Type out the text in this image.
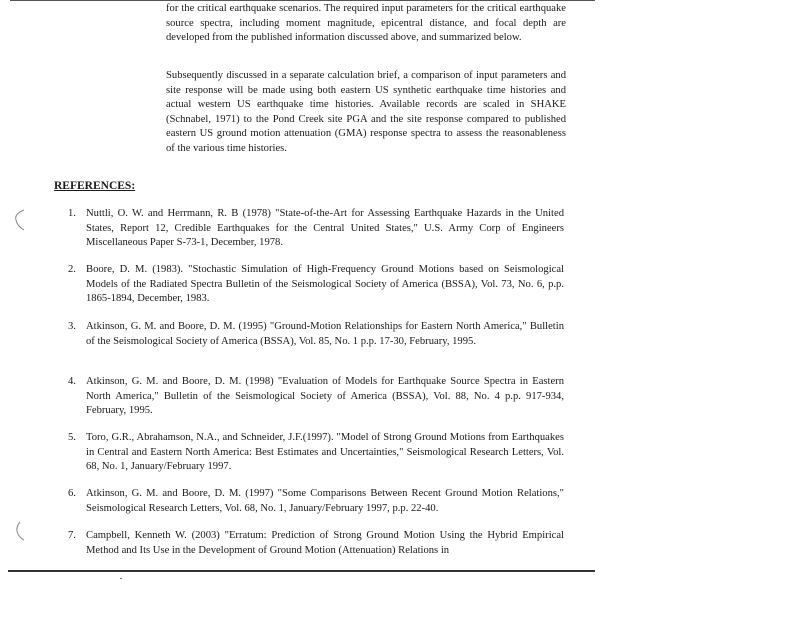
for the critical earthquake scenarios. The required input parameters for the critical earthquake source spectra, including moment magnitude, epicentral distance, and focal depth are developed from the published information discussed above, and summarized below.

Subsequently discussed in a separate calculation brief, a comparison of input parameters and site response will be made using both eastern US synthetic earthquake time histories and actual western US earthquake time histories. Available records are scaled in SHAKE (Schnabel, 1971) to the Pond Creek site PGA and the site response compared to published eastern US ground motion attenuation (GMA) response spectra to assess the reasonableness of the various time histories.

REFERENCES:
1. Nuttli, O. W. and Herrmann, R. B (1978) "State-of-the-Art for Assessing Earthquake Hazards in the United States, Report 12, Credible Earthquakes for the Central United States," U.S. Army Corp of Engineers Miscellaneous Paper S-73-1, December, 1978.
2. Boore, D. M. (1983). "Stochastic Simulation of High-Frequency Ground Motions based on Seismological Models of the Radiated Spectra Bulletin of the Seismological Society of America (BSSA), Vol. 73, No. 6, p.p. 1865-1894, December, 1983.
3. Atkinson, G. M. and Boore, D. M. (1995) "Ground-Motion Relationships for Eastern North America," Bulletin of the Seismological Society of America (BSSA), Vol. 85, No. 1 p.p. 17-30, February, 1995.
4. Atkinson, G. M. and Boore, D. M. (1998) "Evaluation of Models for Earthquake Source Spectra in Eastern North America," Bulletin of the Seismological Society of America (BSSA), Vol. 88, No. 4 p.p. 917-934, February, 1995.
5. Toro, G.R., Abrahamson, N.A., and Schneider, J.F.(1997). "Model of Strong Ground Motions from Earthquakes in Central and Eastern North America: Best Estimates and Uncertainties," Seismological Research Letters, Vol. 68, No. 1, January/February 1997.
6. Atkinson, G. M. and Boore, D. M. (1997) "Some Comparisons Between Recent Ground Motion Relations," Seismological Research Letters, Vol. 68, No. 1, January/February 1997, p.p. 22-40.
7. Campbell, Kenneth W. (2003) "Erratum: Prediction of Strong Ground Motion Using the Hybrid Empirical Method and Its Use in the Development of Ground Motion (Attenuation) Relations in
